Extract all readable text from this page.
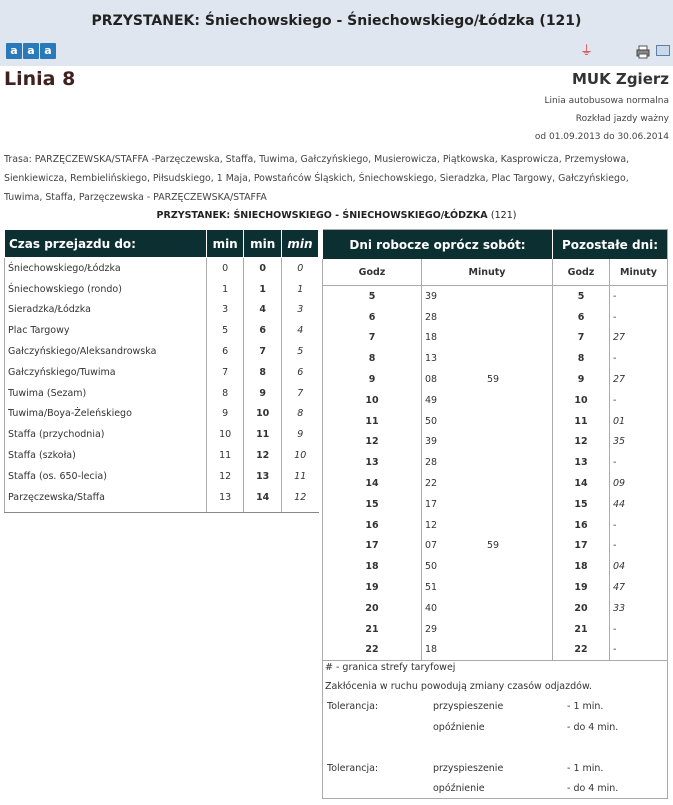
PRZYSTANEK: Śniechowskiego - Śniechowskiego/Łódzka (121)
a a a	⏚
Linia 8	MUK Zgierz
Linia autobusowa normalna
Rozkład jazdy ważny
od 01.09.2013 do 30.06.2014
Trasa: PARZĘCZEWSKA/STAFFA -Parzęczewska, Staffa, Tuwima, Gałczyńskiego, Musierowicza, Piątkowska, Kasprowicza, Przemysłowa, Sienkiewicza, Rembielińskiego, Piłsudskiego, 1 Maja, Powstańców Śląskich, Śniechowskiego, Sieradzka, Plac Targowy, Gałczyńskiego, Tuwima, Staffa, Parzęczewska - PARZĘCZEWSKA/STAFFA
PRZYSTANEK: ŚNIECHOWSKIEGO - ŚNIECHOWSKIEGO/ŁÓDZKA (121)
Czas przejazdu do:	min	min	min
Śniechowskiego/Łódzka	0	0	0
Śniechowskiego (rondo)	1	1	1
Sieradzka/Łódzka	3	4	3
Plac Targowy	5	6	4
Gałczyńskiego/Aleksandrowska	6	7	5
Gałczyńskiego/Tuwima	7	8	6
Tuwima (Sezam)	8	9	7
Tuwima/Boya-Żeleńskiego	9	10	8
Staffa (przychodnia)	10	11	9
Staffa (szkoła)	11	12	10
Staffa (os. 650-lecia)	12	13	11
Parzęczewska/Staffa	13	14	12
Dni robocze oprócz sobót:		Pozostałe dni:	
Godz	Minuty	Godz	Minuty
5	39	5	-
6	28	6	-
7	18	7	27
8	13	8	-
9	08 59	9	27
10	49	10	-
11	50	11	01
12	39	12	35
13	28	13	-
14	22	14	09
15	17	15	44
16	12	16	-
17	07 59	17	-
18	50	18	04
19	51	19	47
20	40	20	33
21	29	21	-
22	18	22	-
# - granica strefy taryfowej
Zakłócenia w ruchu powodują zmiany czasów odjazdów.
Tolerancja:	przyspieszenie	- 1 min.
opóźnienie	- do 4 min.
Tolerancja:	przyspieszenie	- 1 min.
opóźnienie	- do 4 min.
